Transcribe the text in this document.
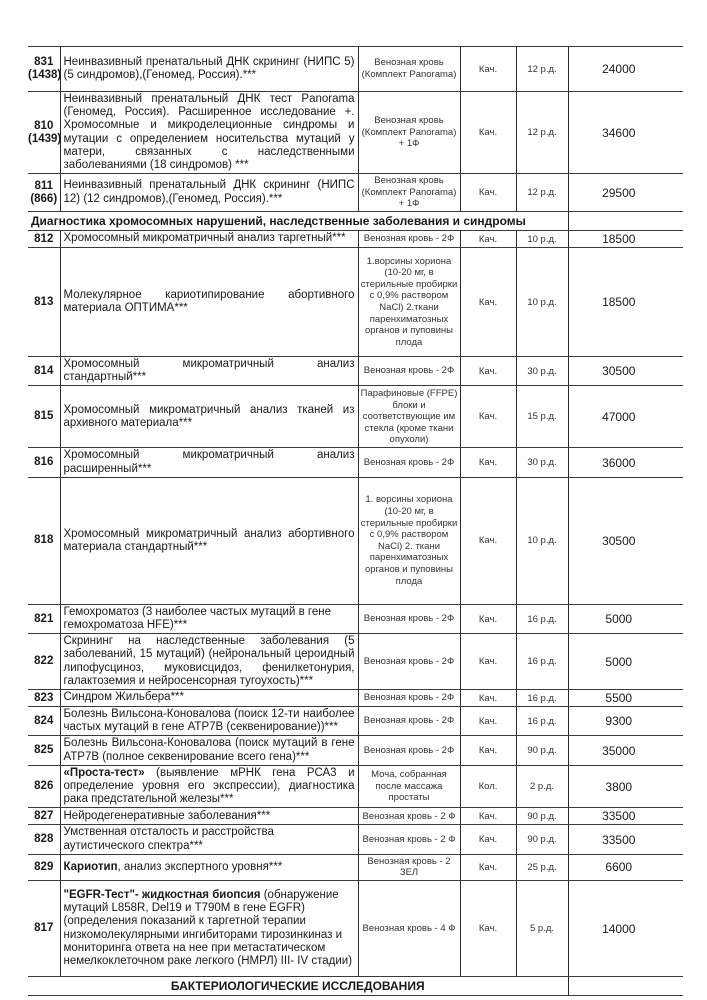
831 (1438)	Неинвазивный пренатальный ДНК скрининг (НИПС 5) (5 синдромов),(Геномед, Россия).***	Венозная кровь (Комплект Panorama)	Кач.	12 р.д.	24000
810 (1439)	Неинвазивный пренатальный ДНК тест Panorama (Геномед, Россия). Расширенное исследование +. Хромосомные и микроделеционные синдромы и мутации с определением носительства мутаций у матери, связанных с наследственными заболеваниями (18 синдромов) ***	Венозная кровь (Комплект Panorama) + 1Ф	Кач.	12 р.д.	34600
811 (866)	Неинвазивный пренатальный ДНК скрининг (НИПС 12) (12 синдромов),(Геномед, Россия).***	Венозная кровь (Комплект Panorama) + 1Ф	Кач.	12 р.д.	29500
Диагностика хромосомных нарушений, наследственные заболевания и синдромы					
812	Хромосомный микроматричный анализ таргетный***	Венозная кровь - 2Ф	Кач.	10 р.д.	18500
813	Молекулярное кариотипирование абортивного материала ОПТИМА***	1.ворсины хориона (10-20 мг, в стерильные пробирки с 0,9% раствором NaCl) 2.ткани паренхиматозных органов и пуповины плода	Кач.	10 р.д.	18500
814	Хромосомный микроматричный анализ стандартный***	Венозная кровь - 2Ф	Кач.	30 р.д.	30500
815	Хромосомный микроматричный анализ тканей из архивного материала***	Парафиновые (FFPE) блоки и соответствующие им стекла (кроме ткани опухоли)	Кач.	15 р.д.	47000
816	Хромосомный микроматричный анализ расширенный***	Венозная кровь - 2Ф	Кач.	30 р.д.	36000
818	Хромосомный микроматричный анализ абортивного материала стандартный***	1. ворсины хориона (10-20 мг, в стерильные пробирки с 0,9% раствором NaCl) 2. ткани паренхиматозных органов и пуповины плода	Кач.	10 р.д.	30500
821	Гемохроматоз (3 наиболее частых мутаций в гене гемохроматоза HFE)***	Венозная кровь - 2Ф	Кач.	16 р.д.	5000
822	Скрининг на наследственные заболевания (5 заболеваний, 15 мутаций) (нейрональный цероидный липофусциноз, муковисцидоз, фенилкетонурия, галактоземия и нейросенсорная тугоухость)***	Венозная кровь - 2Ф	Кач.	16 р.д.	5000
823	Синдром Жильбера***	Венозная кровь - 2Ф	Кач.	16 р.д.	5500
824	Болезнь Вильсона-Коновалова (поиск 12-ти наиболее частых мутаций в гене АТР7В (секвенирование))***	Венозная кровь - 2Ф	Кач.	16 р.д.	9300
825	Болезнь Вильсона-Коновалова (поиск мутаций в гене АТР7В (полное секвенирование всего гена)***	Венозная кровь - 2Ф	Кач.	90 р.д.	35000
826	«Проста-тест» (выявление мРНК гена РСА3 и определение уровня его экспрессии), диагностика рака предстательной железы***	Моча, собранная после массажа простаты	Кол.	2 р.д.	3800
827	Нейродегенеративные заболевания***	Венозная кровь - 2 Ф	Кач.	90 р.д.	33500
828	Умственная отсталость и расстройства аутистического спектра***	Венозная кровь - 2 Ф	Кач.	90 р.д.	33500
829	Кариотип, анализ экспертного уровня***	Венозная кровь - 2 ЗЕЛ	Кач.	25 р.д.	6600
817	"EGFR-Тест"- жидкостная биопсия (обнаружение мутаций L858R, Del19 и T790M в гене EGFR) (определения показаний к таргетной терапии низкомолекулярными ингибиторами тирозинкиназ и мониторинга ответа на нее при метастатическом немелкоклеточном раке легкого (НМРЛ) III- IV стадии)	Венозная кровь - 4 Ф	Кач.	5 р.д.	14000
БАКТЕРИОЛОГИЧЕСКИЕ ИССЛЕДОВАНИЯ					
